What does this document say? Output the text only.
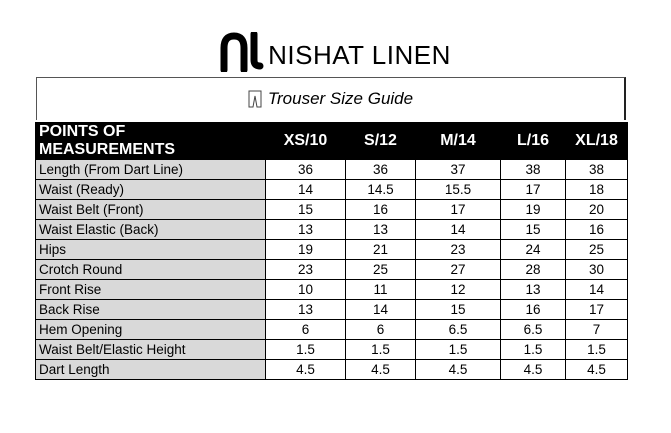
NISHAT LINEN
Trouser Size Guide
POINTS OF MEASUREMENTS	XS/10	S/12	M/14	L/16	XL/18
Length (From Dart Line)	36	36	37	38	38
Waist (Ready)	14	14.5	15.5	17	18
Waist Belt (Front)	15	16	17	19	20
Waist Elastic (Back)	13	13	14	15	16
Hips	19	21	23	24	25
Crotch Round	23	25	27	28	30
Front Rise	10	11	12	13	14
Back Rise	13	14	15	16	17
Hem Opening	6	6	6.5	6.5	7
Waist Belt/Elastic Height	1.5	1.5	1.5	1.5	1.5
Dart Length	4.5	4.5	4.5	4.5	4.5
